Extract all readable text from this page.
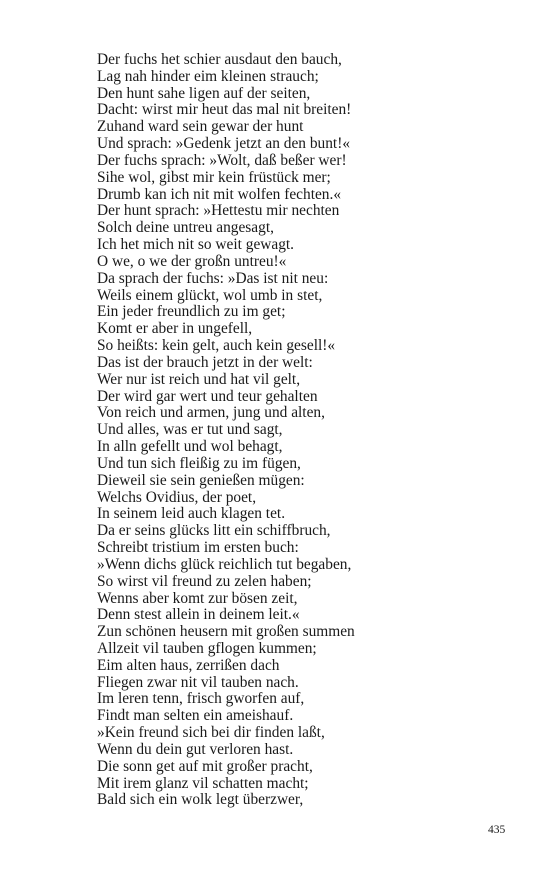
Der fuchs het schier ausdaut den bauch,
Lag nah hinder eim kleinen strauch;
Den hunt sahe ligen auf der seiten,
Dacht: wirst mir heut das mal nit breiten!
Zuhand ward sein gewar der hunt
Und sprach: »Gedenk jetzt an den bunt!«
Der fuchs sprach: »Wolt, daß beßer wer!
Sihe wol, gibst mir kein früstück mer;
Drumb kan ich nit mit wolfen fechten.«
Der hunt sprach: »Hettestu mir nechten
Solch deine untreu angesagt,
Ich het mich nit so weit gewagt.
O we, o we der großn untreu!«
Da sprach der fuchs: »Das ist nit neu:
Weils einem glückt, wol umb in stet,
Ein jeder freundlich zu im get;
Komt er aber in ungefell,
So heißts: kein gelt, auch kein gesell!«
Das ist der brauch jetzt in der welt:
Wer nur ist reich und hat vil gelt,
Der wird gar wert und teur gehalten
Von reich und armen, jung und alten,
Und alles, was er tut und sagt,
In alln gefellt und wol behagt,
Und tun sich fleißig zu im fügen,
Dieweil sie sein genießen mügen:
Welchs Ovidius, der poet,
In seinem leid auch klagen tet.
Da er seins glücks litt ein schiffbruch,
Schreibt tristium im ersten buch:
»Wenn dichs glück reichlich tut begaben,
So wirst vil freund zu zelen haben;
Wenns aber komt zur bösen zeit,
Denn stest allein in deinem leit.«
Zun schönen heusern mit großen summen
Allzeit vil tauben gflogen kummen;
Eim alten haus, zerrißen dach
Fliegen zwar nit vil tauben nach.
Im leren tenn, frisch gworfen auf,
Findt man selten ein ameishauf.
»Kein freund sich bei dir finden laßt,
Wenn du dein gut verloren hast.
Die sonn get auf mit großer pracht,
Mit irem glanz vil schatten macht;
Bald sich ein wolk legt überzwer,
435
